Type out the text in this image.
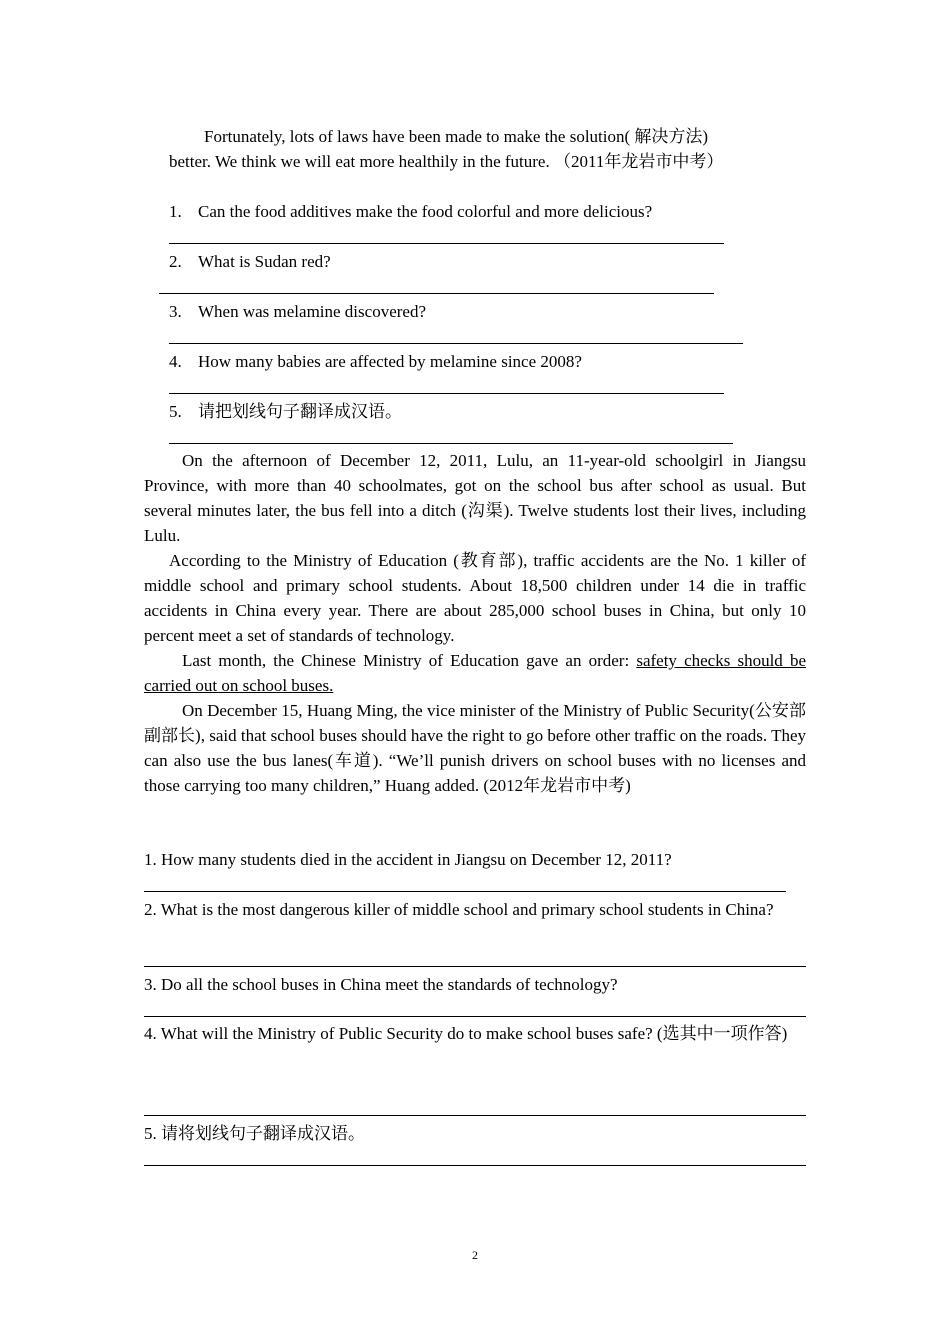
Fortunately, lots of laws have been made to make the solution( 解决方法)
better. We think we will eat more healthily in the future. （2011年龙岩市中考）
1. Can the food additives make the food colorful and more delicious?
2. What is Sudan red?
3. When was melamine discovered?
4. How many babies are affected by melamine since 2008?
5. 请把划线句子翻译成汉语。
On the afternoon of December 12, 2011, Lulu, an 11-year-old schoolgirl in Jiangsu Province, with more than 40 schoolmates, got on the school bus after school as usual. But several minutes later, the bus fell into a ditch (沟渠). Twelve students lost their lives, including Lulu.
According to the Ministry of Education (教育部), traffic accidents are the No. 1 killer of middle school and primary school students. About 18,500 children under 14 die in traffic accidents in China every year. There are about 285,000 school buses in China, but only 10 percent meet a set of standards of technology.
Last month, the Chinese Ministry of Education gave an order: safety checks should be carried out on school buses.
On December 15, Huang Ming, the vice minister of the Ministry of Public Security(公安部副部长), said that school buses should have the right to go before other traffic on the roads. They can also use the bus lanes(车道). “We’ll punish drivers on school buses with no licenses and those carrying too many children,” Huang added. (2012年龙岩市中考)
1. How many students died in the accident in Jiangsu on December 12, 2011?
2. What is the most dangerous killer of middle school and primary school students in China?
3. Do all the school buses in China meet the standards of technology?
4. What will the Ministry of Public Security do to make school buses safe? (选其中一项作答)
5. 请将划线句子翻译成汉语。
2
